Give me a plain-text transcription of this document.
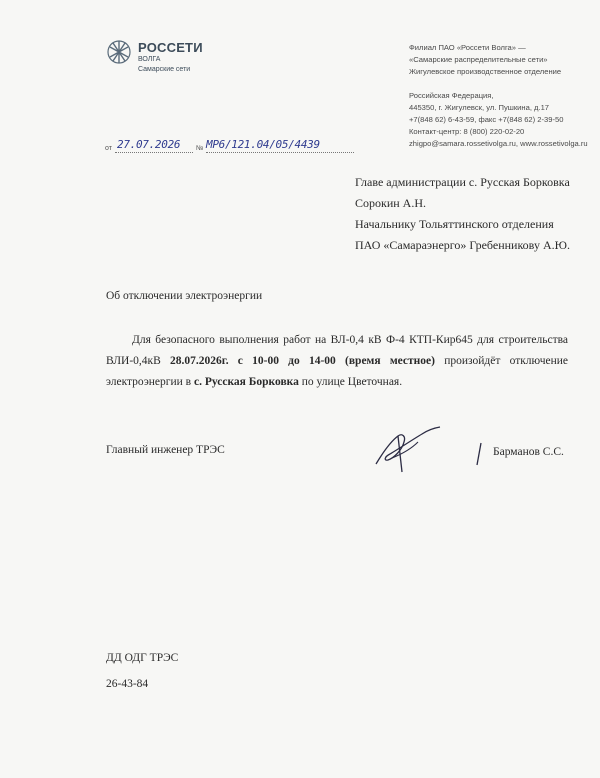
РОССЕТИ
ВОЛГА
Самарские сети
Филиал ПАО «Россети Волга» —
«Самарские распределительные сети»
Жигулевское производственное отделение
Российская Федерация,
445350, г. Жигулевск, ул. Пушкина, д.17
+7(848 62) 6-43-59, факс +7(848 62) 2-39-50
Контакт-центр: 8 (800) 220-02-20
zhigpo@samara.rossetivolga.ru, www.rossetivolga.ru
от 27.07.2026 № МР6/121.04/05/4439
Главе администрации с. Русская Борковка
Сорокин А.Н.
Начальнику Тольяттинского отделения
ПАО «Самараэнерго» Гребенникову А.Ю.
Об отключении электроэнергии
Для безопасного выполнения работ на ВЛ-0,4 кВ Ф-4 КТП-Кир645 для строительства ВЛИ-0,4кВ 28.07.2026г. с 10-00 до 14-00 (время местное) произойдёт отключение электроэнергии в с. Русская Борковка по улице Цветочная.
Главный инженер ТРЭС	Барманов С.С.
ДД ОДГ ТРЭС
26-43-84
